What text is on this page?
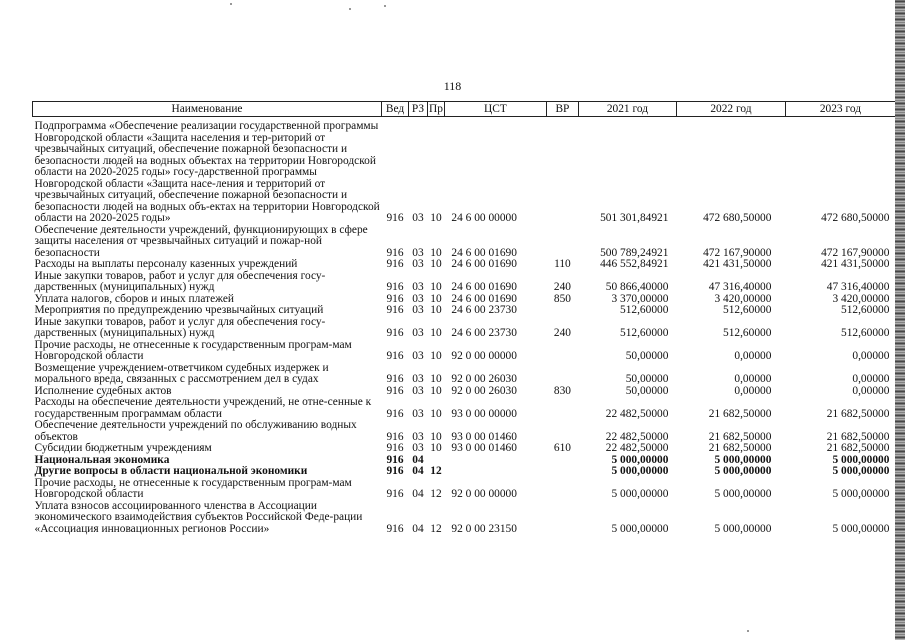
118
Наименование	Вед	РЗ	Пр	ЦСТ	ВР	2021 год	2022 год	2023 год

Подпрограмма «Обеспечение реализации государственной программы Новгородской области «Защита населения и тер-риторий от чрезвычайных ситуаций, обеспечение пожарной безопасности и безопасности людей на водных объектах на территории Новгородской области на 2020-2025 годы» госу-дарственной программы Новгородской области «Защита насе-ления и территорий от чрезвычайных ситуаций, обеспечение пожарной безопасности и безопасности людей на водных объ-ектах на территории Новгородской области на 2020-2025 годы»	916	03	10	24 6 00 00000		501 301,84921	472 680,50000	472 680,50000
Обеспечение деятельности учреждений, функционирующих в сфере защиты населения от чрезвычайных ситуаций и пожар-ной безопасности	916	03	10	24 6 00 01690		500 789,24921	472 167,90000	472 167,90000
Расходы на выплаты персоналу казенных учреждений	916	03	10	24 6 00 01690	110	446 552,84921	421 431,50000	421 431,50000
Иные закупки товаров, работ и услуг для обеспечения госу-дарственных (муниципальных) нужд	916	03	10	24 6 00 01690	240	50 866,40000	47 316,40000	47 316,40000
Уплата налогов, сборов и иных платежей	916	03	10	24 6 00 01690	850	3 370,00000	3 420,00000	3 420,00000
Мероприятия по предупреждению чрезвычайных ситуаций	916	03	10	24 6 00 23730		512,60000	512,60000	512,60000
Иные закупки товаров, работ и услуг для обеспечения госу-дарственных (муниципальных) нужд	916	03	10	24 6 00 23730	240	512,60000	512,60000	512,60000
Прочие расходы, не отнесенные к государственным програм-мам Новгородской области	916	03	10	92 0 00 00000		50,00000	0,00000	0,00000
Возмещение учреждением-ответчиком судебных издержек и морального вреда, связанных с рассмотрением дел в судах	916	03	10	92 0 00 26030		50,00000	0,00000	0,00000
Исполнение судебных актов	916	03	10	92 0 00 26030	830	50,00000	0,00000	0,00000
Расходы на обеспечение деятельности учреждений, не отне-сенные к государственным программам области	916	03	10	93 0 00 00000		22 482,50000	21 682,50000	21 682,50000
Обеспечение деятельности учреждений по обслуживанию водных объектов	916	03	10	93 0 00 01460		22 482,50000	21 682,50000	21 682,50000
Субсидии бюджетным учреждениям	916	03	10	93 0 00 01460	610	22 482,50000	21 682,50000	21 682,50000
Национальная экономика	916	04				5 000,00000	5 000,00000	5 000,00000
Другие вопросы в области национальной экономики	916	04	12			5 000,00000	5 000,00000	5 000,00000
Прочие расходы, не отнесенные к государственным програм-мам Новгородской области	916	04	12	92 0 00 00000		5 000,00000	5 000,00000	5 000,00000
Уплата взносов ассоциированного членства в Ассоциации экономического взаимодействия субъектов Российской Феде-рации «Ассоциация инновационных регионов России»	916	04	12	92 0 00 23150		5 000,00000	5 000,00000	5 000,00000
